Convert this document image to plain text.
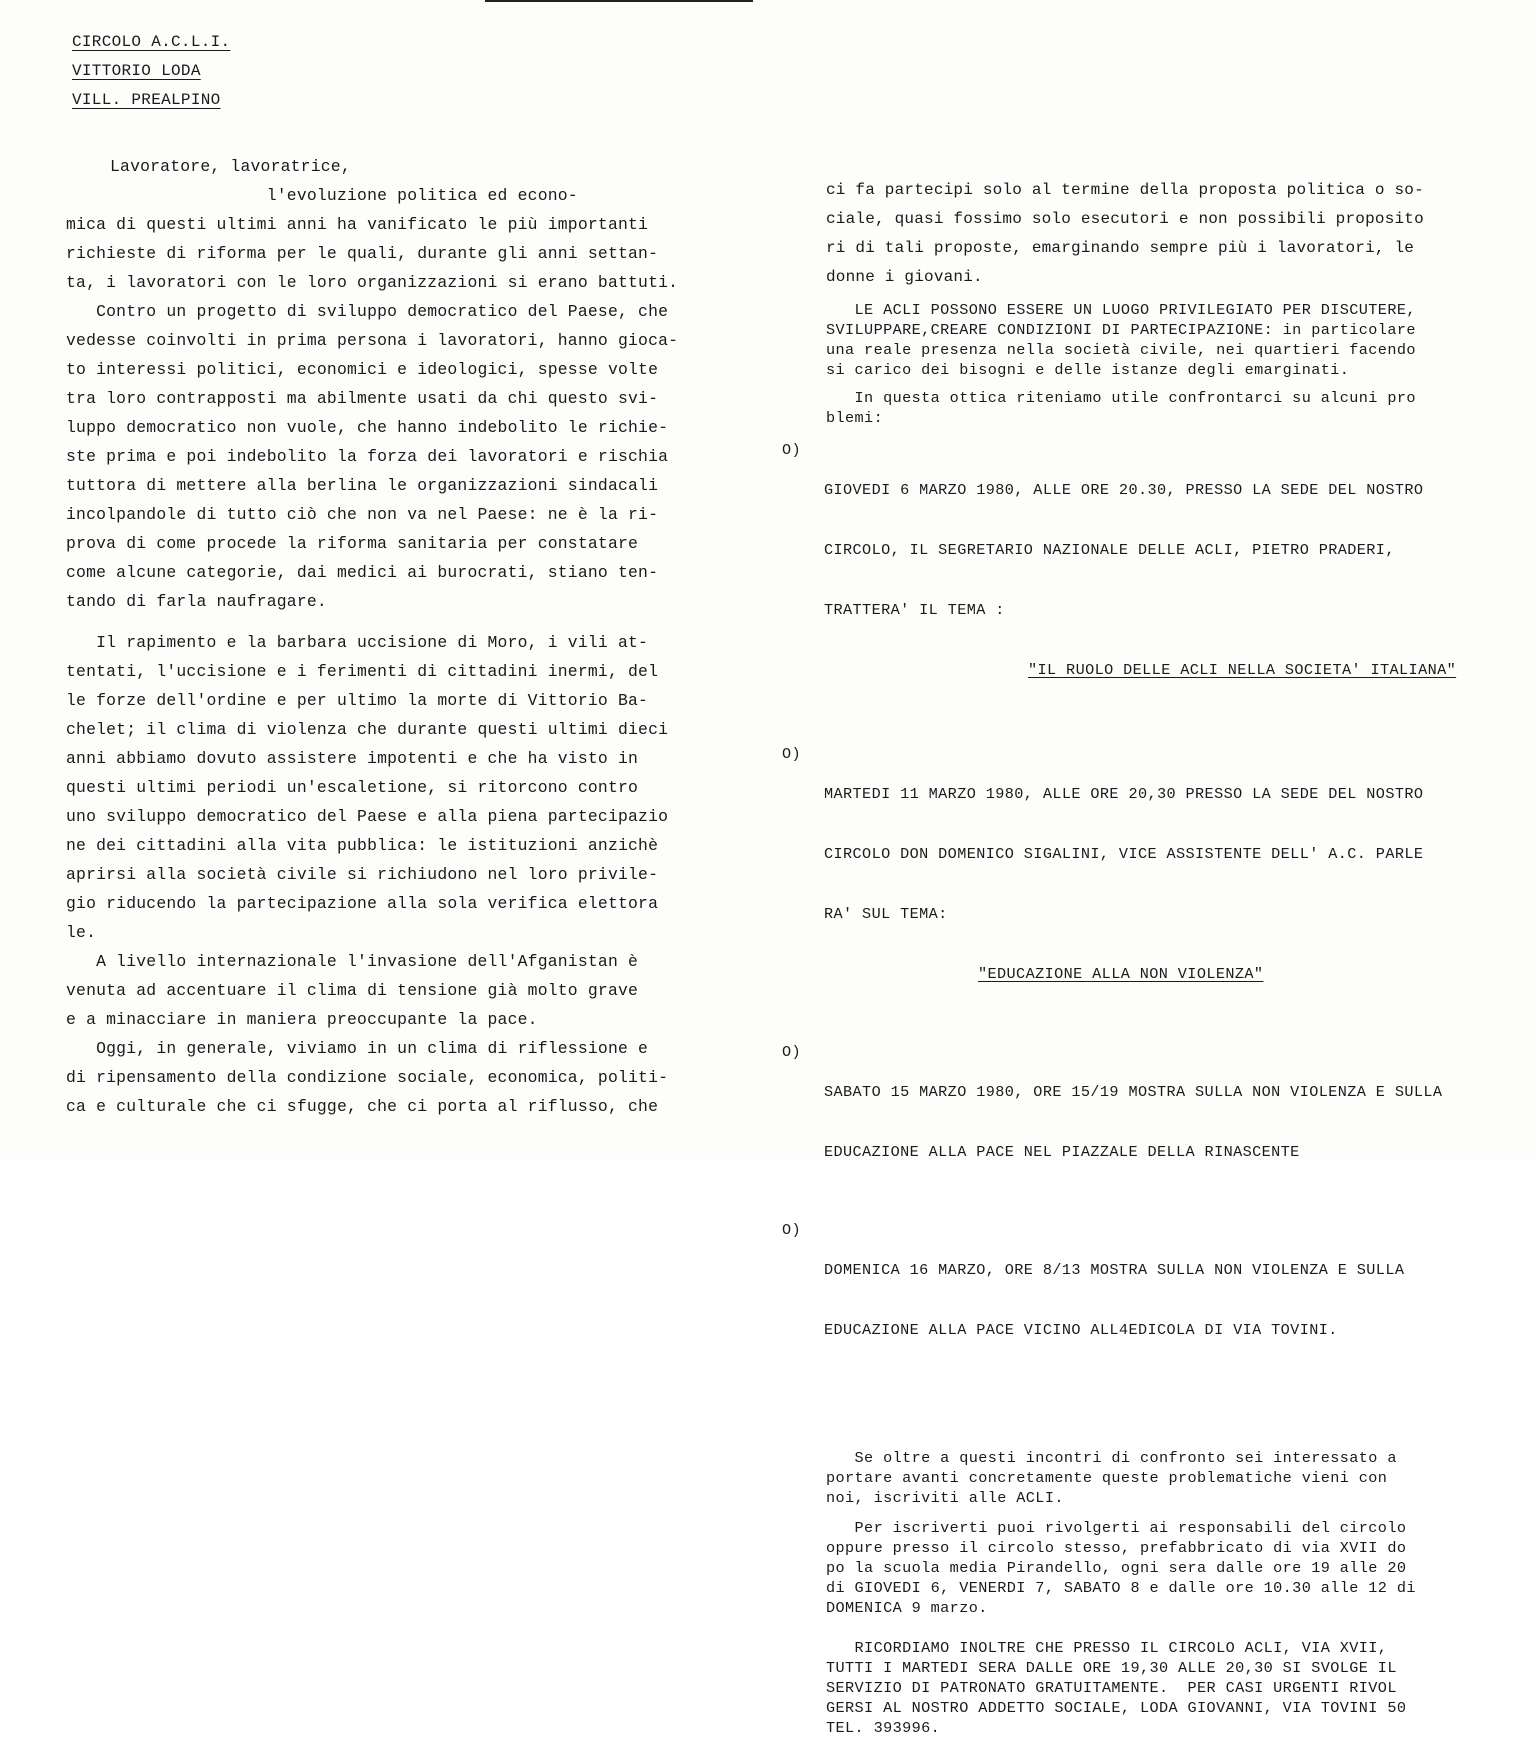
CIRCOLO A.C.L.I.
VITTORIO LODA
VILL. PREALPINO

Lavoratore, lavoratrice,

l'evoluzione politica ed econo-

mica di questi ultimi anni ha vanificato le più importanti

richieste di riforma per le quali, durante gli anni settan-

ta, i lavoratori con le loro organizzazioni si erano battuti.

Contro un progetto di sviluppo democratico del Paese, che

vedesse coinvolti in prima persona i lavoratori, hanno gioca-

to interessi politici, economici e ideologici, spesse volte

tra loro contrapposti ma abilmente usati da chi questo svi-

luppo democratico non vuole, che hanno indebolito le richie-

ste prima e poi indebolito la forza dei lavoratori e rischia

tuttora di mettere alla berlina le organizzazioni sindacali

incolpandole di tutto ciò che non va nel Paese: ne è la ri-

prova di come procede la riforma sanitaria per constatare

come alcune categorie, dai medici ai burocrati, stiano ten-

tando di farla naufragare.

Il rapimento e la barbara uccisione di Moro, i vili at-

tentati, l'uccisione e i ferimenti di cittadini inermi, del

le forze dell'ordine e per ultimo la morte di Vittorio Ba-

chelet; il clima di violenza che durante questi ultimi dieci

anni abbiamo dovuto assistere impotenti e che ha visto in

questi ultimi periodi un'escaletione, si ritorcono contro

uno sviluppo democratico del Paese e alla piena partecipazio

ne dei cittadini alla vita pubblica: le istituzioni anzichè

aprirsi alla società civile si richiudono nel loro privile-

gio riducendo la partecipazione alla sola verifica elettora

le.

A livello internazionale l'invasione dell'Afganistan è

venuta ad accentuare il clima di tensione già molto grave

e a minacciare in maniera preoccupante la pace.

Oggi, in generale, viviamo in un clima di riflessione e

di ripensamento della condizione sociale, economica, politi-

ca e culturale che ci sfugge, che ci porta al riflusso, che

ci fa partecipi solo al termine della proposta politica o so-

ciale, quasi fossimo solo esecutori e non possibili proposito

ri di tali proposte, emarginando sempre più i lavoratori, le

donne i giovani.

LE ACLI POSSONO ESSERE UN LUOGO PRIVILEGIATO PER DISCUTERE,

SVILUPPARE,CREARE CONDIZIONI DI PARTECIPAZIONE: in particolare

una reale presenza nella società civile, nei quartieri facendo

si carico dei bisogni e delle istanze degli emarginati.

In questa ottica riteniamo utile confrontarci su alcuni pro

blemi:

O)

GIOVEDI 6 MARZO 1980, ALLE ORE 20.30, PRESSO LA SEDE DEL NOSTRO

CIRCOLO, IL SEGRETARIO NAZIONALE DELLE ACLI, PIETRO PRADERI,

TRATTERA' IL TEMA :

"IL RUOLO DELLE ACLI NELLA SOCIETA' ITALIANA"

O)

MARTEDI 11 MARZO 1980, ALLE ORE 20,30 PRESSO LA SEDE DEL NOSTRO

CIRCOLO DON DOMENICO SIGALINI, VICE ASSISTENTE DELL' A.C. PARLE

RA' SUL TEMA:

"EDUCAZIONE ALLA NON VIOLENZA"

O)

SABATO 15 MARZO 1980, ORE 15/19 MOSTRA SULLA NON VIOLENZA E SULLA

EDUCAZIONE ALLA PACE NEL PIAZZALE DELLA RINASCENTE

O)

DOMENICA 16 MARZO, ORE 8/13 MOSTRA SULLA NON VIOLENZA E SULLA

EDUCAZIONE ALLA PACE VICINO ALL4EDICOLA DI VIA TOVINI.

Se oltre a questi incontri di confronto sei interessato a

portare avanti concretamente queste problematiche vieni con

noi, iscriviti alle ACLI.

Per iscriverti puoi rivolgerti ai responsabili del circolo

oppure presso il circolo stesso, prefabbricato di via XVII do

po la scuola media Pirandello, ogni sera dalle ore 19 alle 20

di GIOVEDI 6, VENERDI 7, SABATO 8 e dalle ore 10.30 alle 12 di

DOMENICA 9 marzo.

RICORDIAMO INOLTRE CHE PRESSO IL CIRCOLO ACLI, VIA XVII,

TUTTI I MARTEDI SERA DALLE ORE 19,30 ALLE 20,30 SI SVOLGE IL

SERVIZIO DI PATRONATO GRATUITAMENTE.  PER CASI URGENTI RIVOL

GERSI AL NOSTRO ADDETTO SOCIALE, LODA GIOVANNI, VIA TOVINI 50

TEL. 393996.
